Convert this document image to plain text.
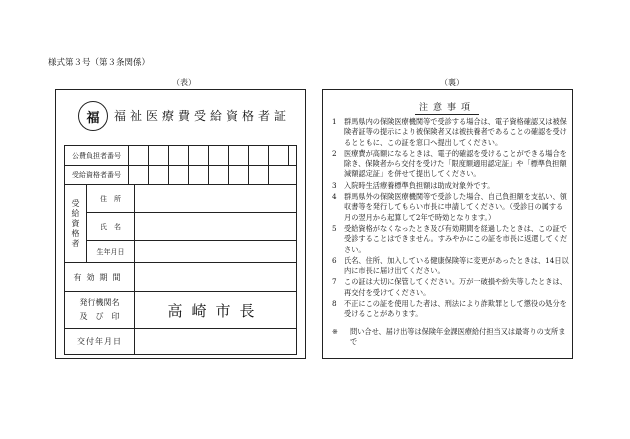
様式第３号（第３条関係）
（表）	（裏）
福	福祉医療費受給資格者証
公費負担者番号
受給資格者番号
受給資格者	住　所
氏　名
生年月日
有効期間
発行機関名
及　び　印	高崎市長
交付年月日
注意事項
1 群馬県内の保険医療機関等で受診する場合は、電子資格確認又は被保険者証等の提示により被保険者又は被扶養者であることの確認を受けるとともに、この証を窓口へ提出してください。
2 医療費が高額になるときは、電子的確認を受けることができる場合を除き、保険者から交付を受けた「限度額適用認定証」や「標準負担額減額認定証」を併せて提出してください。
3 入院時生活療養標準負担額は助成対象外です。
4 群馬県外の保険医療機関等で受診した場合、自己負担額を支払い、領収書等を発行してもらい市長に申請してください。（受診日の属する月の翌月から起算して2年で時効となります。）
5 受給資格がなくなったとき及び有効期間を経過したときは、この証で受診することはできません。すみやかにこの証を市長に返還してください。
6 氏名、住所、加入している健康保険等に変更があったときは、14日以内に市長に届け出てください。
7 この証は大切に保管してください。万が一破損や紛失等したときは、再交付を受けてください。
8 不正にこの証を使用した者は、刑法により詐欺罪として懲役の処分を受けることがあります。
※ 問い合せ、届け出等は保険年金課医療給付担当又は最寄りの支所まで
